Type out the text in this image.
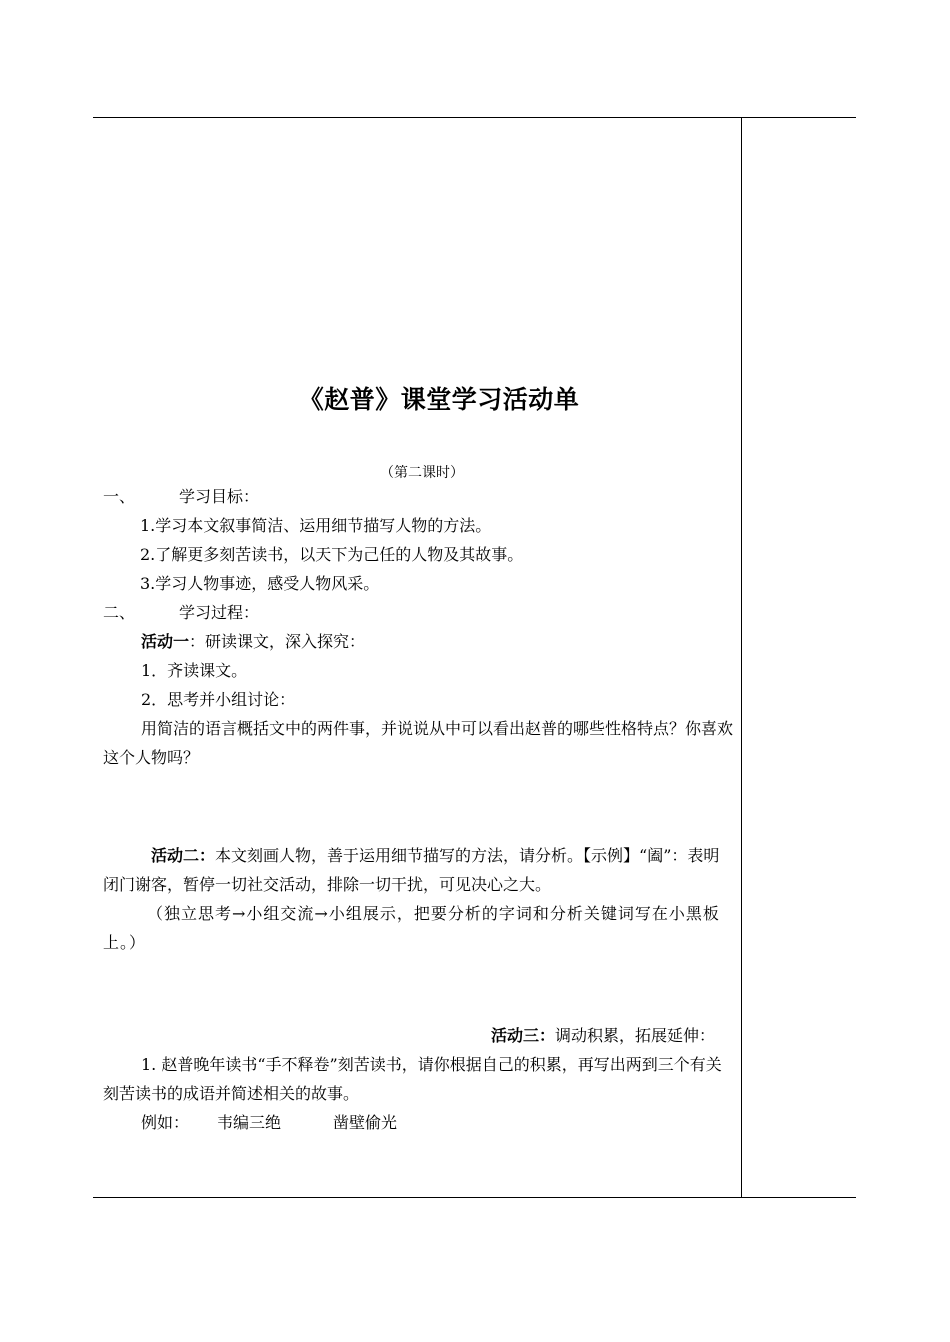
《赵普》课堂学习活动单
（第二课时）

一、	学习目标：

1.学习本文叙事简洁、运用细节描写人物的方法。

2.了解更多刻苦读书，以天下为己任的人物及其故事。

3.学习人物事迹，感受人物风采。

二、	学习过程：

活动一：研读课文，深入探究：

1．齐读课文。

2．思考并小组讨论：

用简洁的语言概括文中的两件事，并说说从中可以看出赵普的哪些性格特点？你喜欢这个人物吗？

活动二：本文刻画人物，善于运用细节描写的方法，请分析。【示例】“阖”：表明闭门谢客，暂停一切社交活动，排除一切干扰，可见决心之大。

（独立思考→小组交流→小组展示，把要分析的字词和分析关键词写在小黑板上。）

活动三：调动积累，拓展延伸：

1. 赵普晚年读书“手不释卷”刻苦读书，请你根据自己的积累，再写出两到三个有关刻苦读书的成语并简述相关的故事。

例如： 韦编三绝	凿壁偷光
